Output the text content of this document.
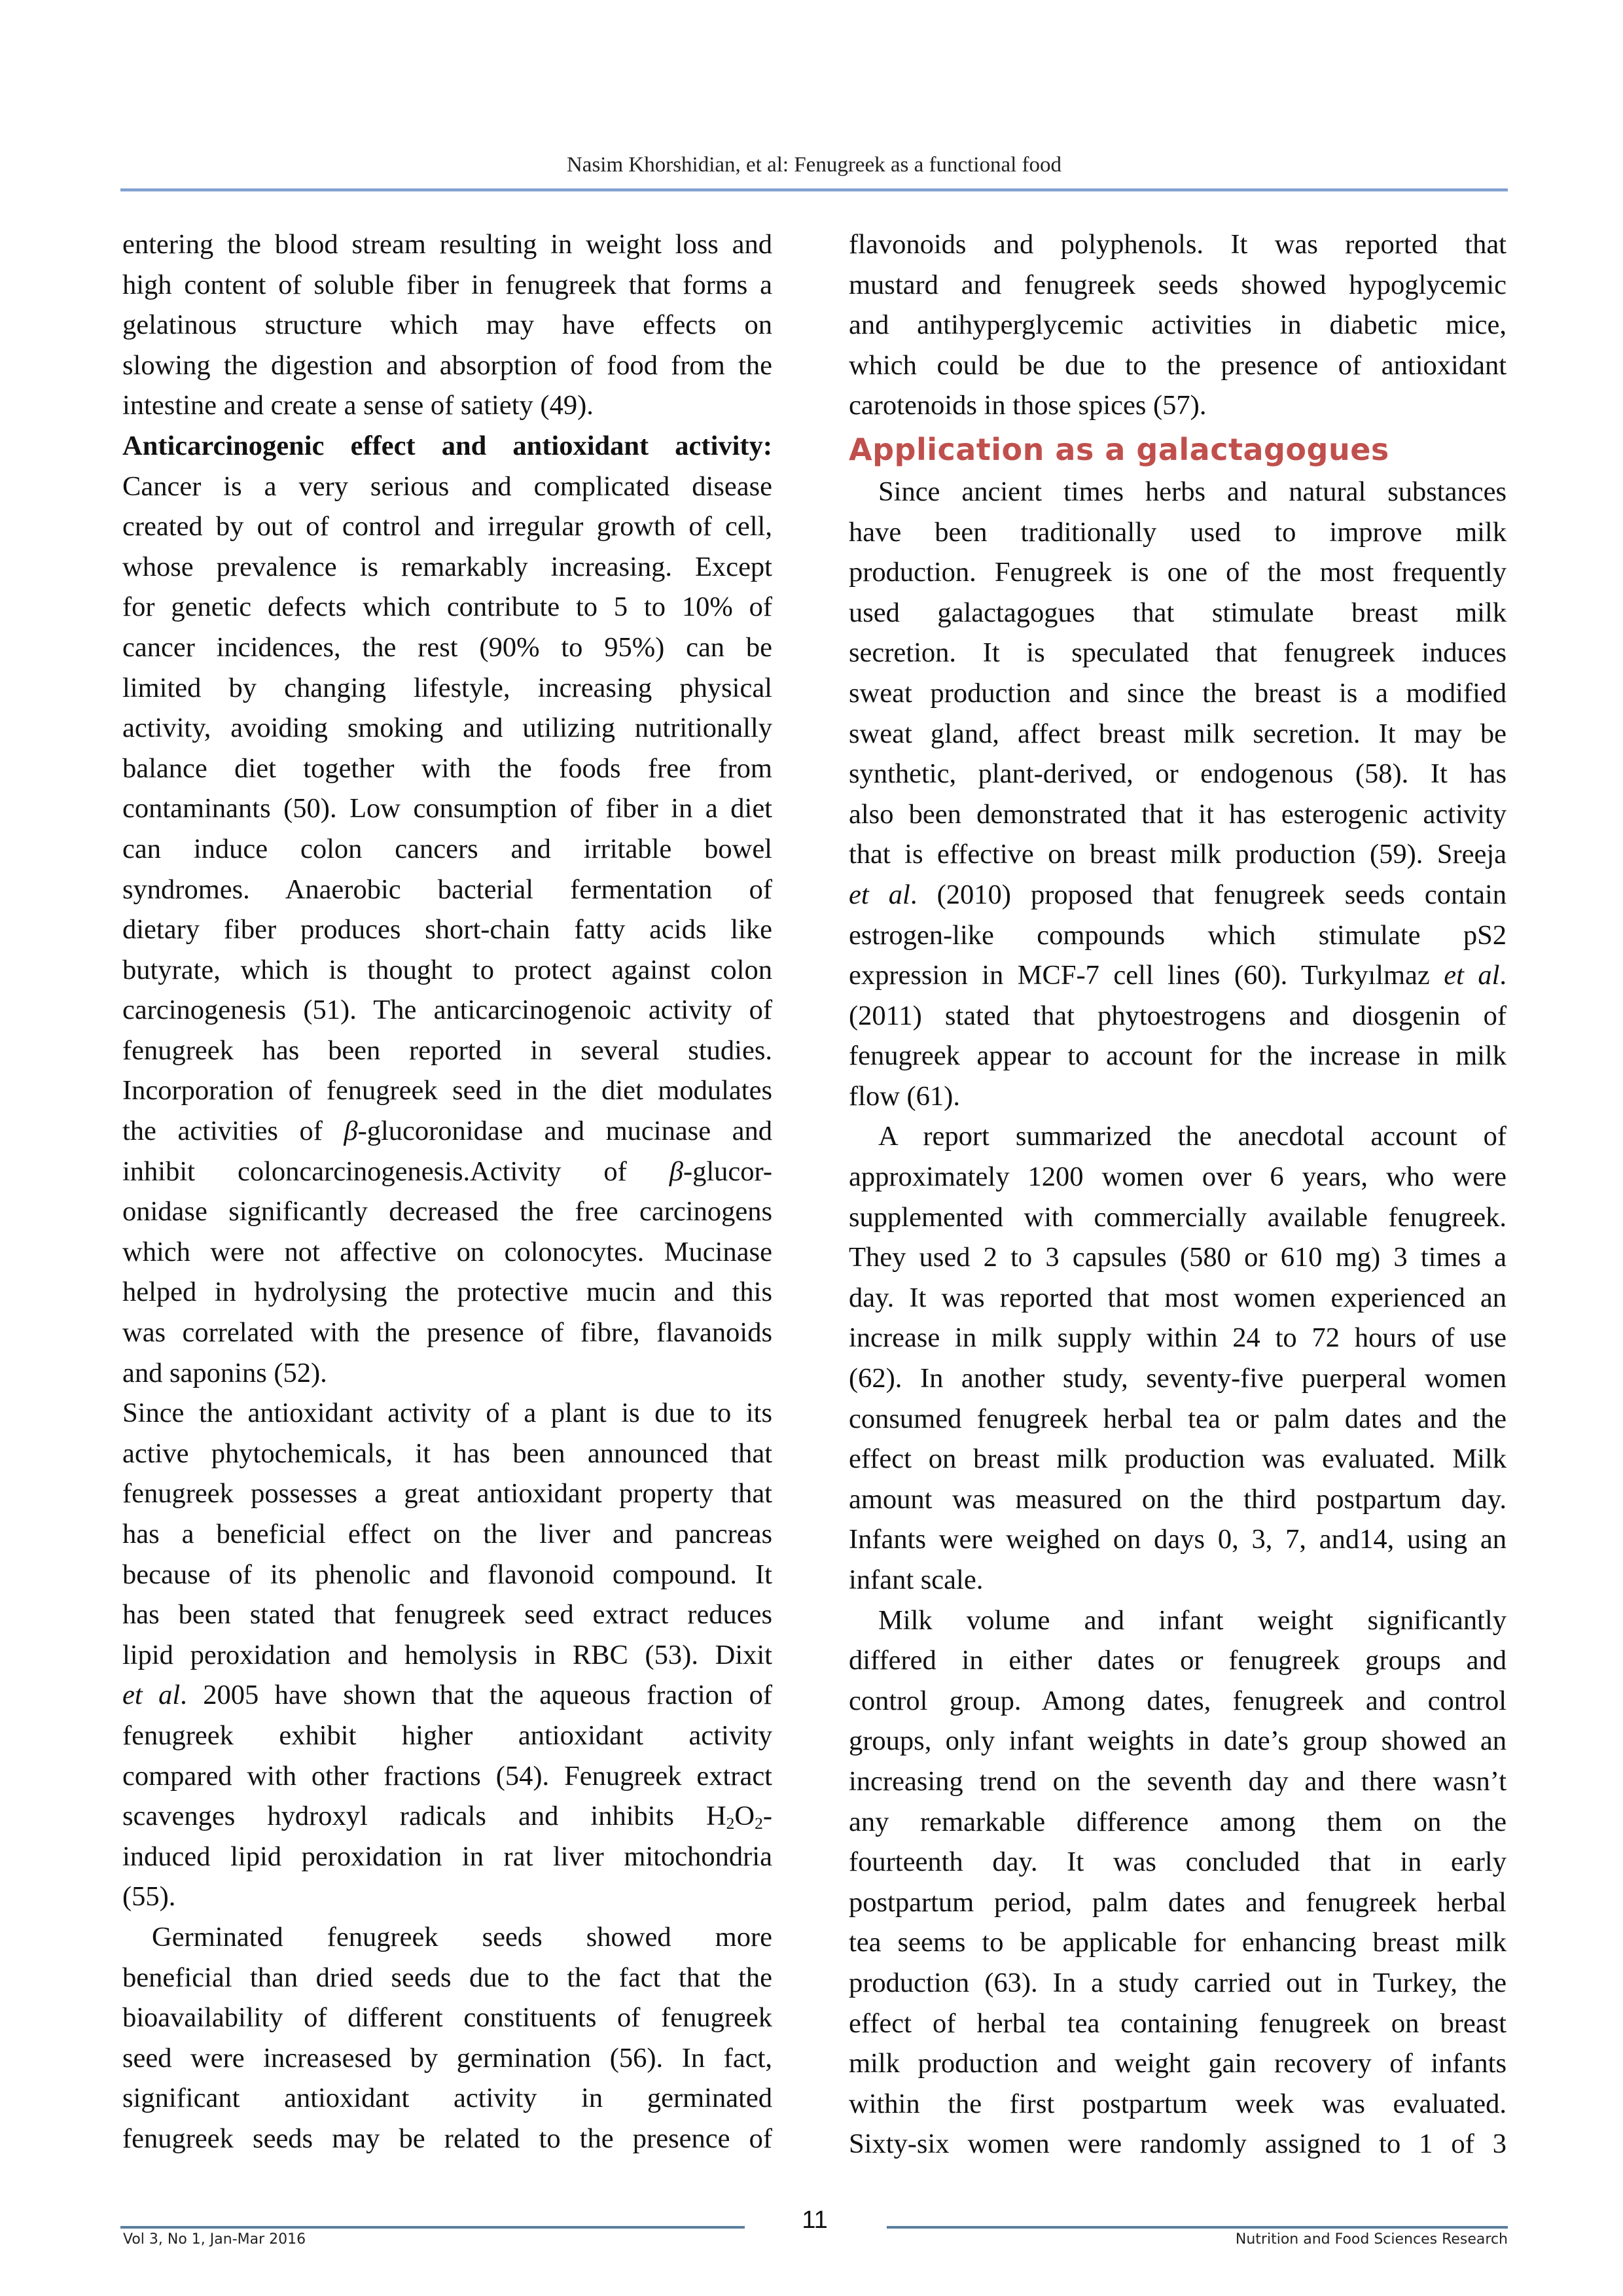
Nasim Khorshidian, et al: Fenugreek as a functional food
entering the blood stream resulting in weight loss and
high content of soluble fiber in fenugreek that forms a
gelatinous structure which may have effects on
slowing the digestion and absorption of food from the
intestine and create a sense of satiety (49).
Anticarcinogenic effect and antioxidant activity:
Cancer is a very serious and complicated disease
created by out of control and irregular growth of cell,
whose prevalence is remarkably increasing. Except
for genetic defects which contribute to 5 to 10% of
cancer incidences, the rest (90% to 95%) can be
limited by changing lifestyle, increasing physical
activity, avoiding smoking and utilizing nutritionally
balance diet together with the foods free from
contaminants (50). Low consumption of fiber in a diet
can induce colon cancers and irritable bowel
syndromes. Anaerobic bacterial fermentation of
dietary fiber produces short-chain fatty acids like
butyrate, which is thought to protect against colon
carcinogenesis (51). The anticarcinogenoic activity of
fenugreek has been reported in several studies.
Incorporation of fenugreek seed in the diet modulates
the activities of β-glucoronidase and mucinase and
inhibit coloncarcinogenesis.Activity of β-glucor-
onidase significantly decreased the free carcinogens
which were not affective on colonocytes. Mucinase
helped in hydrolysing the protective mucin and this
was correlated with the presence of fibre, flavanoids
and saponins (52).
Since the antioxidant activity of a plant is due to its
active phytochemicals, it has been announced that
fenugreek possesses a great antioxidant property that
has a beneficial effect on the liver and pancreas
because of its phenolic and flavonoid compound. It
has been stated that fenugreek seed extract reduces
lipid peroxidation and hemolysis in RBC (53). Dixit
et al. 2005 have shown that the aqueous fraction of
fenugreek exhibit higher antioxidant activity
compared with other fractions (54). Fenugreek extract
scavenges hydroxyl radicals and inhibits $H_2O_2-$
induced lipid peroxidation in rat liver mitochondria
(55).
Germinated fenugreek seeds showed more
beneficial than dried seeds due to the fact that the
bioavailability of different constituents of fenugreek
seed were increasesed by germination (56). In fact,
significant antioxidant activity in germinated
fenugreek seeds may be related to the presence of
flavonoids and polyphenols. It was reported that
mustard and fenugreek seeds showed hypoglycemic
and antihyperglycemic activities in diabetic mice,
which could be due to the presence of antioxidant
carotenoids in those spices (57).
Application as a galactagogues
Since ancient times herbs and natural substances
have been traditionally used to improve milk
production. Fenugreek is one of the most frequently
used galactagogues that stimulate breast milk
secretion. It is speculated that fenugreek induces
sweat production and since the breast is a modified
sweat gland, affect breast milk secretion. It may be
synthetic, plant-derived, or endogenous (58). It has
also been demonstrated that it has esterogenic activity
that is effective on breast milk production (59). Sreeja
et al. (2010) proposed that fenugreek seeds contain
estrogen-like compounds which stimulate pS2
expression in MCF-7 cell lines (60). Turkyılmaz et al.
(2011) stated that phytoestrogens and diosgenin of
fenugreek appear to account for the increase in milk
flow (61).
A report summarized the anecdotal account of
approximately 1200 women over 6 years, who were
supplemented with commercially available fenugreek.
They used 2 to 3 capsules (580 or 610 mg) 3 times a
day. It was reported that most women experienced an
increase in milk supply within 24 to 72 hours of use
(62). In another study, seventy-five puerperal women
consumed fenugreek herbal tea or palm dates and the
effect on breast milk production was evaluated. Milk
amount was measured on the third postpartum day.
Infants were weighed on days 0, 3, 7, and14, using an
infant scale.
Milk volume and infant weight significantly
differed in either dates or fenugreek groups and
control group. Among dates, fenugreek and control
groups, only infant weights in date’s group showed an
increasing trend on the seventh day and there wasn’t
any remarkable difference among them on the
fourteenth day. It was concluded that in early
postpartum period, palm dates and fenugreek herbal
tea seems to be applicable for enhancing breast milk
production (63). In a study carried out in Turkey, the
effect of herbal tea containing fenugreek on breast
milk production and weight gain recovery of infants
within the first postpartum week was evaluated.
Sixty-six women were randomly assigned to 1 of 3
11
Vol 3, No 1, Jan-Mar 2016	Nutrition and Food Sciences Research
